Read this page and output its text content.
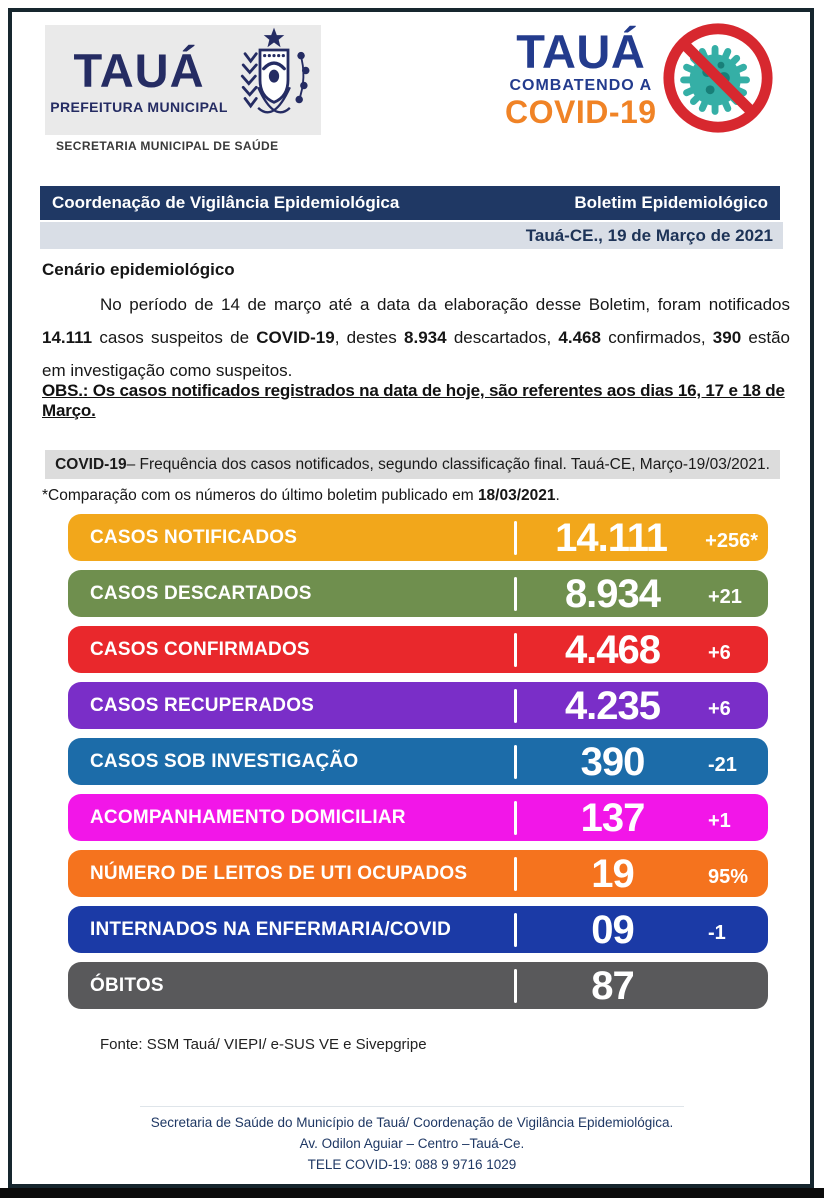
TAUÁ
PREFEITURA MUNICIPAL
SECRETARIA MUNICIPAL DE SAÚDE
TAUÁ
COMBATENDO A
COVID-19
Coordenação de Vigilância Epidemiológica	Boletim Epidemiológico
Tauá-CE., 19 de Março de 2021
Cenário epidemiológico
No período de 14 de março até a data da elaboração desse Boletim, foram notificados 14.111 casos suspeitos de COVID-19, destes 8.934 descartados, 4.468 confirmados, 390 estão em investigação como suspeitos.
OBS.: Os casos notificados registrados na data de hoje, são referentes aos dias 16, 17 e 18 de Março.
COVID-19 – Frequência dos casos notificados, segundo classificação final. Tauá-CE, Março-19/03/2021.
*Comparação com os números do último boletim publicado em 18/03/2021.
CASOS NOTIFICADOS	14.111	+256*
CASOS DESCARTADOS	8.934	+21
CASOS CONFIRMADOS	4.468	+6
CASOS RECUPERADOS	4.235	+6
CASOS SOB INVESTIGAÇÃO	390	-21
ACOMPANHAMENTO DOMICILIAR	137	+1
NÚMERO DE LEITOS DE UTI OCUPADOS	19	95%
INTERNADOS NA ENFERMARIA/COVID	09	-1
ÓBITOS	87
Fonte: SSM Tauá/ VIEPI/ e-SUS VE e Sivepgripe
Secretaria de Saúde do Município de Tauá/ Coordenação de Vigilância Epidemiológica.
Av. Odilon Aguiar – Centro –Tauá-Ce.
TELE COVID-19: 088 9 9716 1029
